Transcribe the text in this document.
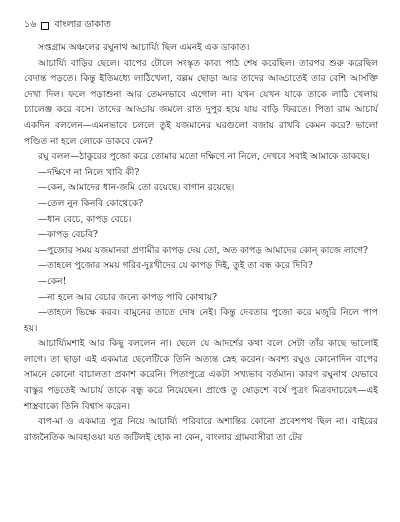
১৬ বাংলার ডাকাত

সপ্তগ্রাম অঞ্চলের রঘুনাথ আচার্য্যি ছিল এমনই এক ডাকাত।

আচার্য্যি বাড়ির ছেলে। বাপের টোলে সংস্কৃত কাব্য পাঠ শেষ করেছিল। তারপর শুরু করেছিল বেদান্ত পড়তে। কিন্তু ইতিমধ্যে লাঠিখেলা, বল্লম ছোড়া আর তাদের আড্ডাতেই তার বেশি আসক্তি দেখা দিল। ফলে পড়াশুনা আর তেমনভাবে এগোল না। যখন যেখন যাকে তাকে লাঠি খেলায় চ্যালেঞ্জ করে বসে। তাদের আড্ডায় জমলে রাত দুপুর হয়ে যায় বাড়ি ফিরতে। পিতা রাম আচার্য একদিন বললেন—এমনভাবে চললে তুই যজমানের ঘরগুলো বজায় রাখবি কেমন করে? ভালো পণ্ডিত না হলে লোকে ডাকবে কেন?

রঘু বলল—ঠাকুরের পুজো করে তোমার মতো দক্ষিণে না নিলে, দেখবে সবাই আমাকে ডাকছে।

—দক্ষিণে না নিলে খাবি কী?

—কেন, আমাদের ধান-জমি তো রয়েছে। বাগান রয়েছে।

—তেল নুন কিনবি কোথেকে?

—ধান বেচে, কাপড় বেচে।

—কাপড় বেচবি?

—পুজোর সময় যজমানরা প্রণামীর কাপড় দেয় তো, অত কাপড় আমাদের কোন্ কাজে লাগে?

—তাহলে পুজোর সময় গরিব-দুঃখীদের যে কাপড় দিই, তুই তা বন্ধ করে দিবি?

—কেন!

—না হলে আর বেচার জন্যে কাপড় পাবি কোথায়?

—তাহলে ভিক্ষে করব। বামুনের তাতে দোষ নেই। কিন্তু দেবতার পুজো করে মজুরি নিলে পাপ হয়।

আচার্য্যিমশাই আর কিছু বললেন না। ছেলে যে আদর্শের কথা বলে সেটা তাঁর কাছে ভালোই লাগে। তা ছাড়া এই একমাত্র ছেলেটিকে তিনি অত্যন্ত স্নেহ করেন। অবশ্য রঘুও কোনোদিন বাপের সামনে কোনো বাচালতা প্রকাশ করেনি। পিতাপুত্রে একটা সখ্যভাব বর্তমান। কারণ রঘুনাথ যেভাবে বাস্কুর পড়তেই আচার্য তাকে বন্ধু করে নিয়েছেন। প্রাপ্তে তু ষোড়শে বর্ষে পুত্রং মিত্রবদাচরেৎ—এই শাস্ত্রবাক্যে তিনি বিশ্বাস করেন।

বাপ-মা ও একমাত্র পুত্র নিয়ে আচার্য্যি পরিবারে অশান্তির কোনো প্রবেশপথ ছিল না। বাইরের রাজনৈতিক আবহাওয়া যত জটিলই হোক না কেন, বাংলার গ্রামবাসীরা তা টের
